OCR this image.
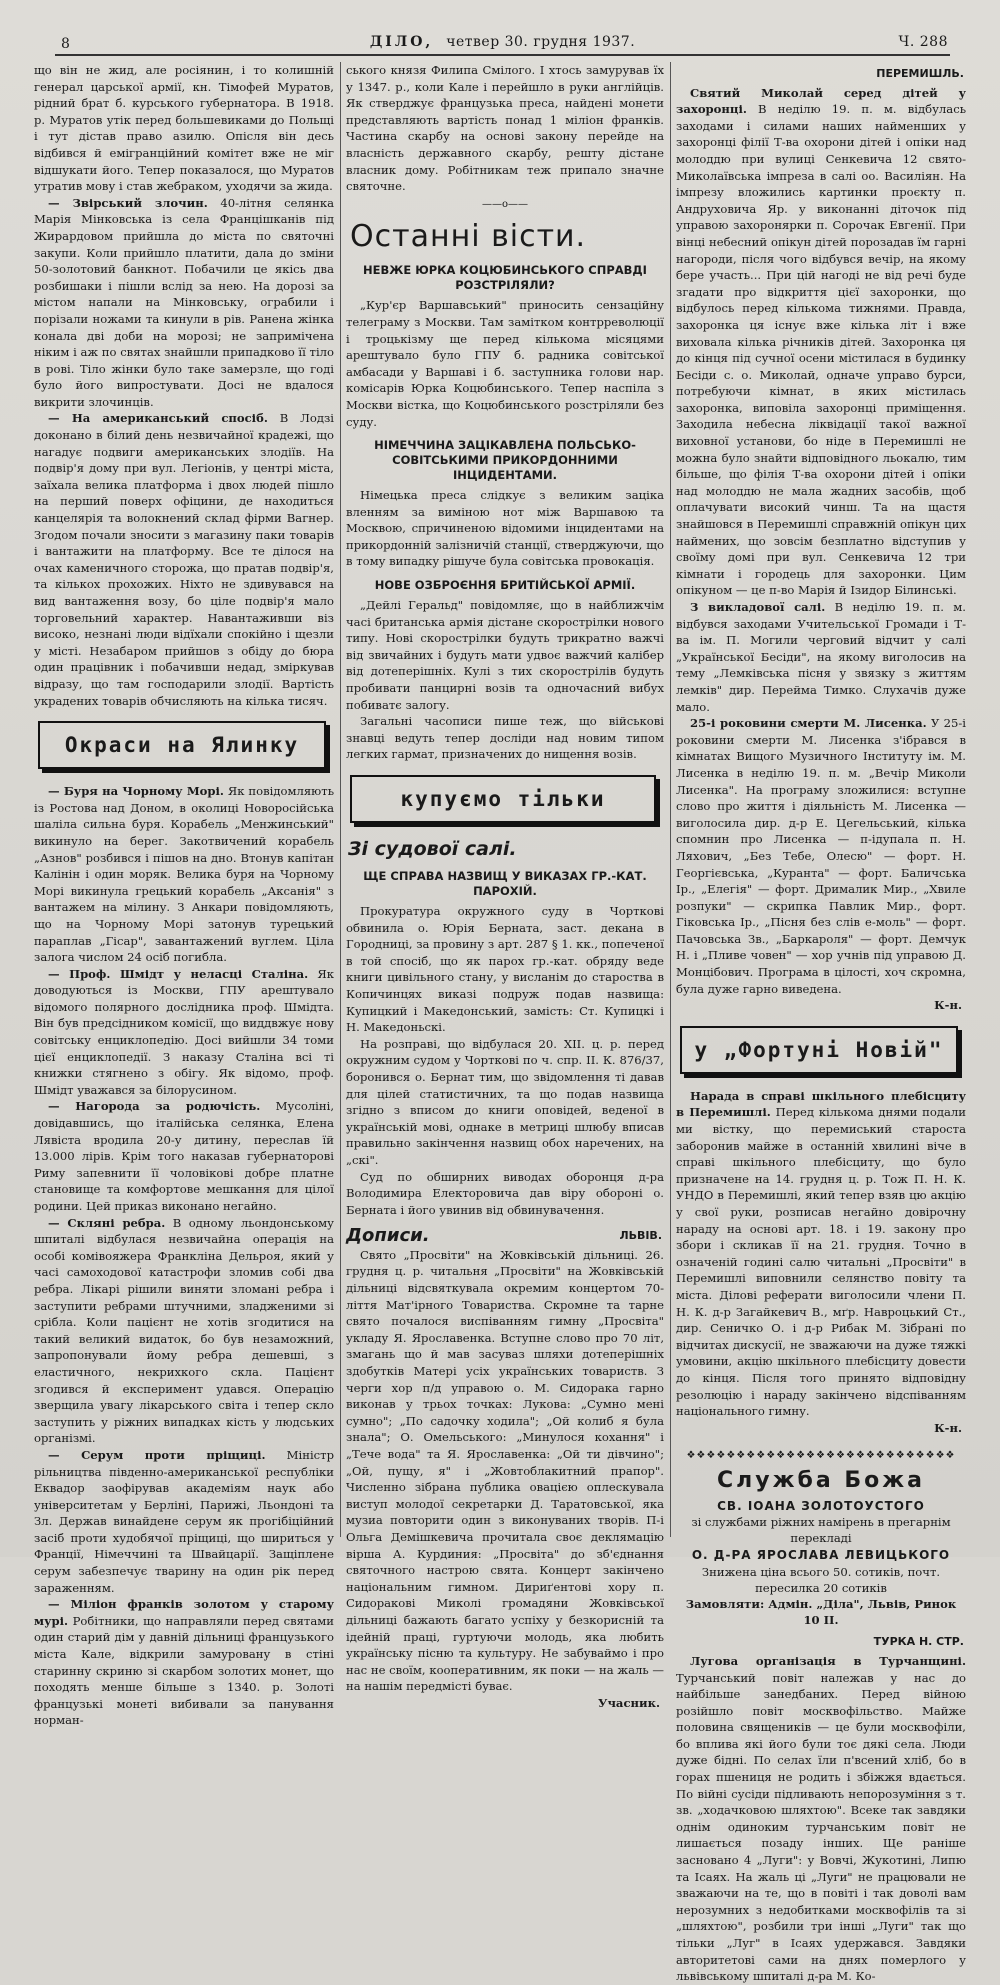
8	ДІЛО, четвер 30. грудня 1937.	Ч. 288

що він не жид, але росіянин, і то колишній генерал царської армії, кн. Тімофей Муратов, рідний брат б. курського губернатора. В 1918. р. Муратов утік перед большевиками до Польщі і тут дістав право азилю. Опісля він десь відбився й емігранційний комітет вже не міг відшукати його. Тепер показалося, що Муратов утратив мову і став жебраком, уходячи за жида.

— Звірський злочин. 40-літня селянка Марія Мінковська із села Францішканів під Жирардовом прийшла до міста по святочні закупи. Коли прийшло платити, дала до зміни 50-золотовий банкнот. Побачили це якісь два розбишаки і пішли вслід за нею. На дорозі за містом напали на Мінковську, ограбили і порізали ножами та кинули в рів. Ранена жінка конала дві доби на морозі; не запримічена ніким і аж по святах знайшли припадково її тіло в рові. Тіло жінки було таке замерзле, що годі було його випростувати. Досі не вдалося викрити злочинців.

— На американський спосіб. В Лодзі доконано в білий день незвичайної крадежі, що нагадує подвиги американських злодіїв. На подвір'я дому при вул. Легіонів, у центрі міста, заїхала велика платформа і двох людей пішло на перший поверх офіцини, де находиться канцелярія та волокнений склад фірми Вагнер. Згодом почали зносити з магазину паки товарів і вантажити на платформу. Все те ділося на очах каменичного сторожа, що пратав подвір'я, та кількох прохожих. Ніхто не здивувався на вид вантаження возу, бо ціле подвір'я мало торговельний характер. Навантаживши віз високо, незнані люди відїхали спокійно і щезли у місті. Незабаром прийшов з обіду до бюра один працівник і побачивши недад, зміркував відразу, що там господарили злодії. Вартість украдених товарів обчисляють на кілька тисяч.

Окраси на Ялинку

— Буря на Чорному Морі. Як повідомляють із Ростова над Доном, в околиці Новоросійська шаліла сильна буря. Корабель „Менжинський" викинуло на берег. Закотвичений корабель „Азнов" розбився і пішов на дно. Втонув капітан Калінін і один моряк. Велика буря на Чорному Морі викинула грецький корабель „Аксанія" з вантажем на мілину. З Анкари повідомляють, що на Чорному Морі затонув турецький параплав „Гісар", завантажений вуглем. Ціла залога числом 24 осіб погибла.

— Проф. Шмідт у неласці Сталіна. Як доводуються із Москви, ГПУ арештувало відомого полярного дослідника проф. Шмідта. Він був предсідником комісії, що виддвжує нову совітську енциклопедію. Досі вийшли 34 томи цієї енциклопедії. З наказу Сталіна всі ті книжки стягнено з обігу. Як відомо, проф. Шмідт уважався за білорусином.

— Нагорода за родючість. Мусоліні, довідавшись, що італійська селянка, Елена Лявіста вродила 20-у дитину, переслав їй 13.000 лірів. Крім того наказав губернаторові Риму запевнити її чоловікові добре платне становище та комфортове мешкання для цілої родини. Цей приказ виконано негайно.

— Скляні ребра. В одному льондонському шпиталі відбулася незвичайна операція на особі комівояжера Франкліна Дельроя, який у часі самоходової катастрофи зломив собі два ребра. Лікарі рішили виняти зломані ребра і заступити ребрами штучними, зладженими зі срібла. Коли пацієнт не хотів згодитися на такий великий видаток, бо був незаможний, запропонували йому ребра дешевші, з еластичного, некрихкого скла. Пацієнт згодився й експеримент удався. Операцію зверщила увагу лікарського світа і тепер скло заступить у ріжних випадках кість у людських організмі.

— Серум проти пріщиці. Міністр рільництва південно-американської республіки Еквадор заофірував академіям наук або університетам у Берліні, Парижі, Льондоні та Зл. Держав винайдене серум як прогібіційний засіб проти худобячої пріщиці, що шириться у Франції, Німеччині та Швайцарії. Защіплене серум забезпечує тварину на один рік перед зараженням.

— Міліон франків золотом у старому мурі. Робітники, що направляли перед святами один старий дім у давній дільниці французького міста Кале, відкрили замуровану в стіні старинну скриню зі скарбом золотих монет, що походять менше більше з 1340. р. Золоті французькі монеті вибивали за панування норман-

ського князя Филипа Смілого. І хтось замурував їх у 1347. р., коли Кале і перейшло в руки англійців. Як стверджує французька преса, найдені монети представляють вартість понад 1 міліон франків. Частина скарбу на основі закону перейде на власність державного скарбу, решту дістане власник дому. Робітникам теж припало значне святочне.

——o——
Останні вісти.
НЕВЖЕ ЮРКА КОЦЮБИНСЬКОГО СПРАВДІ РОЗСТРІЛЯЛИ?

„Кур'єр Варшавський" приносить сензаційну телеграму з Москви. Там замітком контрреволюції і троцькізму ще перед кількома місяцями арештувало було ГПУ б. радника совітської амбасади у Варшаві і б. заступника голови нар. комісарів Юрка Коцюбинського. Тепер наспіла з Москви вістка, що Коцюбинського розстріляли без суду.

НІМЕЧЧИНА ЗАЦІКАВЛЕНА ПОЛЬСЬКО-СОВІТСЬКИМИ ПРИКОРДОННИМИ ІНЦИДЕНТАМИ.

Німецька преса слідкує з великим заціка вленням за виміною нот між Варшавою та Москвою, спричиненою відомими інцидентами на прикордонній залізничій станції, стверджуючи, що в тому випадку рішуче була совітська провокація.

НОВЕ ОЗБРОЄННЯ БРИТІЙСЬКОЇ АРМІЇ.

„Дейлі Геральд" повідомляє, що в найближчім часі британська армія дістане скорострілки нового типу. Нові скорострілки будуть трикратно важчі від звичайних і будуть мати удвоє важчий калібер від дотеперішніх. Кулі з тих скорострілів будуть пробивати панцирні возів та одночасний вибух побиватє залогу.

Загальні часописи пише теж, що військові знавці ведуть тепер досліди над новим типом легких гармат, призначених до нищення возів.

купуємо тільки
Зі судової салі.
ЩЕ СПРАВА НАЗВИЩ У ВИКАЗАХ ГР.-КАТ. ПАРОХІЙ.

Прокуратура окружного суду в Чорткові обвинила о. Юрія Берната, заст. декана в Городниці, за провину з арт. 287 § 1. кк., попеченої в той спосіб, що як парох гр.-кат. обряду веде книги цивільного стану, у висланім до староства в Копичинцях виказі подруж подав назвища: Купицкий і Македонський, замість: Ст. Купицкі і Н. Македоньскі.

На розправі, що відбулася 20. XII. ц. р. перед окружним судом у Чорткові по ч. спр. II. К. 876/37, боронився о. Бернат тим, що звідомлення ті давав для цілей статистичних, та що подав назвища згідно з вписом до книги оповідей, веденої в українській мові, однаке в метриці шлюбу вписав правильно закінчення назвищ обох наречених, на „скі".

Суд по обширних виводах оборонця д-ра Володимира Електоровича дав віру обороні о. Берната і його увинив від обвинувачення.

Дописи.	ЛЬВІВ.

Свято „Просвіти" на Жовківській дільниці. 26. грудня ц. р. читальня „Просвіти" на Жовківській дільниці відсвяткувала окремим концертом 70-ліття Мат'ірного Товариства. Скромне та тарне свято почалося виспіванням гимну „Просвіта" укладу Я. Ярославенка. Вступне слово про 70 літ, змагань що й мав засуваз шляхи дотеперішніх здобутків Матері усіх українських товариств. З черги хор п/д управою о. М. Сидорака гарно виконав у трьох точках: Лукова: „Сумно мені сумно"; „По садочку ходила"; „Ой колиб я була знала"; О. Омельського: „Минулося кохання" і „Тече вода" та Я. Ярославенка: „Ой ти дівчино"; „Ой, пущу, я" і „Жовтоблакитний прапор". Численно зібрана публика овацією оплескувала виступ молодої секретарки Д. Таратовської, яка музиа повторити один з виконуваних творів. П-і Ольга Демішкевича прочитала своє деклямацію вірша А. Курдиния: „Просвіта" до зб'єднання святочного настрою свята. Концерт закінчено національним гимном. Дириґентові хору п. Сидоракові Миколі громадяни Жовківської дільниці бажають багато успіху у безкорисній та ідейній праці, гуртуючи молодь, яка любить українську пісню та культуру. Не забуваймо і про нас не своїм, кооперативним, як поки — на жаль — на нашім передмісті буває.

Учасник.

ПЕРЕМИШЛЬ.

Святий Миколай серед дітей у захоронці. В неділю 19. п. м. відбулась заходами і силами наших найменших у захоронці філії Т-ва охорони дітей і опіки над молоддю при вулиці Сенкевича 12 свято-Миколаївська імпреза в салі оо. Василіян. На імпрезу вложились картинки проєкту п. Андруховича Яр. у виконанні діточок під управою захоронярки п. Сорочак Евгенії. При вінці небесний опікун дітей порозадав їм гарні нагороди, після чого відбувся вечір, на якому бере участь... При цій нагоді не від речі буде згадати про відкриття цієї захоронки, що відбулось перед кількома тижнями. Правда, захоронка ця існує вже кілька літ і вже виховала кілька річників дітей. Захоронка ця до кінця під сучної осени містилася в будинку Бесіди с. о. Миколай, одначе управо бурси, потребуючи кімнат, в яких містилась захоронка, виповіла захоронці приміщення. Заходила небесна ліквідації такої важної виховної установи, бо ніде в Перемишлі не можна було знайти відповідного льокалю, тим більше, що філія Т-ва охорони дітей і опіки над молоддю не мала жадних засобів, щоб оплачувати високий чинш. Та на щастя знайшовся в Перемишлі справжній опікун цих наймених, що зовсім безплатно відступив у своїму домі при вул. Сенкевича 12 три кімнати і городець для захоронки. Цим опікуном — це п-во Марія й Ізидор Білинські.

З викладової салі. В неділю 19. п. м. відбувся заходами Учительської Громади і Т-ва ім. П. Могили черговий відчит у салі „Української Бесіди", на якому виголосив на тему „Лемківська пісня у звязку з життям лемків" дир. Перейма Тимко. Слухачів дуже мало.

25-і роковини смерти М. Лисенка. У 25-і роковини смерти М. Лисенка з'ібрався в кімнатах Вищого Музичного Інституту ім. М. Лисенка в неділю 19. п. м. „Вечір Миколи Лисенка". На програму зложилися: вступне слово про життя і діяльність М. Лисенка — виголосила дир. д-р Е. Цегельський, кілька спомнин про Лисенка — п-ідупала п. Н. Ляхович, „Без Тебе, Олесю" — форт. Н. Георгієвська, „Куранта" — форт. Баличська Ір., „Елегія" — форт. Дрималик Мир., „Хвиле розпуки" — скрипка Павлик Мир., форт. Гіковська Ір., „Пісня без слів е-моль" — форт. Пачовська Зв., „Баркароля" — форт. Демчук Н. і „Пливе човен" — хор учнів під управою Д. Монцібович. Програма в цілості, хоч скромна, була дуже гарно виведена.

К-н.

у „Фортуні Новій"

Нарада в справі шкільного плебісциту в Перемишлі. Перед кількома днями подали ми вістку, що перемиський староста заборонив майже в останній хвилині віче в справі шкільного плебісциту, що було призначене на 14. грудня ц. р. Тож П. Н. К. УНДО в Перемишлі, який тепер взяв цю акцію у свої руки, розписав негайно довірочну нараду на основі арт. 18. і 19. закону про збори і скликав її на 21. грудня. Точно в означеній годині салю читальні „Просвіти" в Перемишлі виповнили селянство повіту та міста. Ділові реферати виголосили члени П. Н. К. д-р Загайкевич В., мґр. Навроцький Ст., дир. Сеничко О. і д-р Рибак М. Зібрані по відчитах дискусії, не зважаючи на дуже тяжкі умовини, акцію шкільного плебісциту довести до кінця. Після того принято відповідну резолюцію і нараду закінчено відспіванням національного гимну.

К-н.

❖❖❖❖❖❖❖❖❖❖❖❖❖❖❖❖❖❖❖❖❖❖❖❖❖❖❖
Служба Божа
СВ. ІОАНА ЗОЛОТОУСТОГО
зі службами ріжних намірень в прегарнім перекладі
О. Д-РА ЯРОСЛАВА ЛЕВИЦЬКОГО
Знижена ціна всього 50. сотиків, почт. пересилка 20 сотиків
Замовляти: Адмін. „Діла", Львів, Ринок 10 II.
ТУРКА Н. СТР.

Лугова організація в Турчанщині. Турчанський повіт належав у нас до найбільше занедбаних. Перед війною розійшло повіт москвофільство. Майже половина священиків — це були москвофіли, бо вплива які його були тоє дякі села. Люди дуже бідні. По селах їли п'всений хліб, бо в горах пшениця не родить і збіжжя вдається. По війні сусіди підливають непорозуміння з т. зв. „ходачковою шляхтою". Всеке так завдяки однім одиноким турчанським повіт не лишається позаду інших. Ще раніше засновано 4 „Луги": у Вовчі, Жукотині, Липю та Ісаях. На жаль ці „Луги" не працювали не зважаючи на те, що в повіті і так доволі вам нерозумних з недобитками москвофілів та зі „шляхтою", розбили три інші „Луги" так що тільки „Луг" в Ісаях удержався. Завдяки авторитетові сами на днях померлого у львівському шпиталі д-ра М. Ко-
